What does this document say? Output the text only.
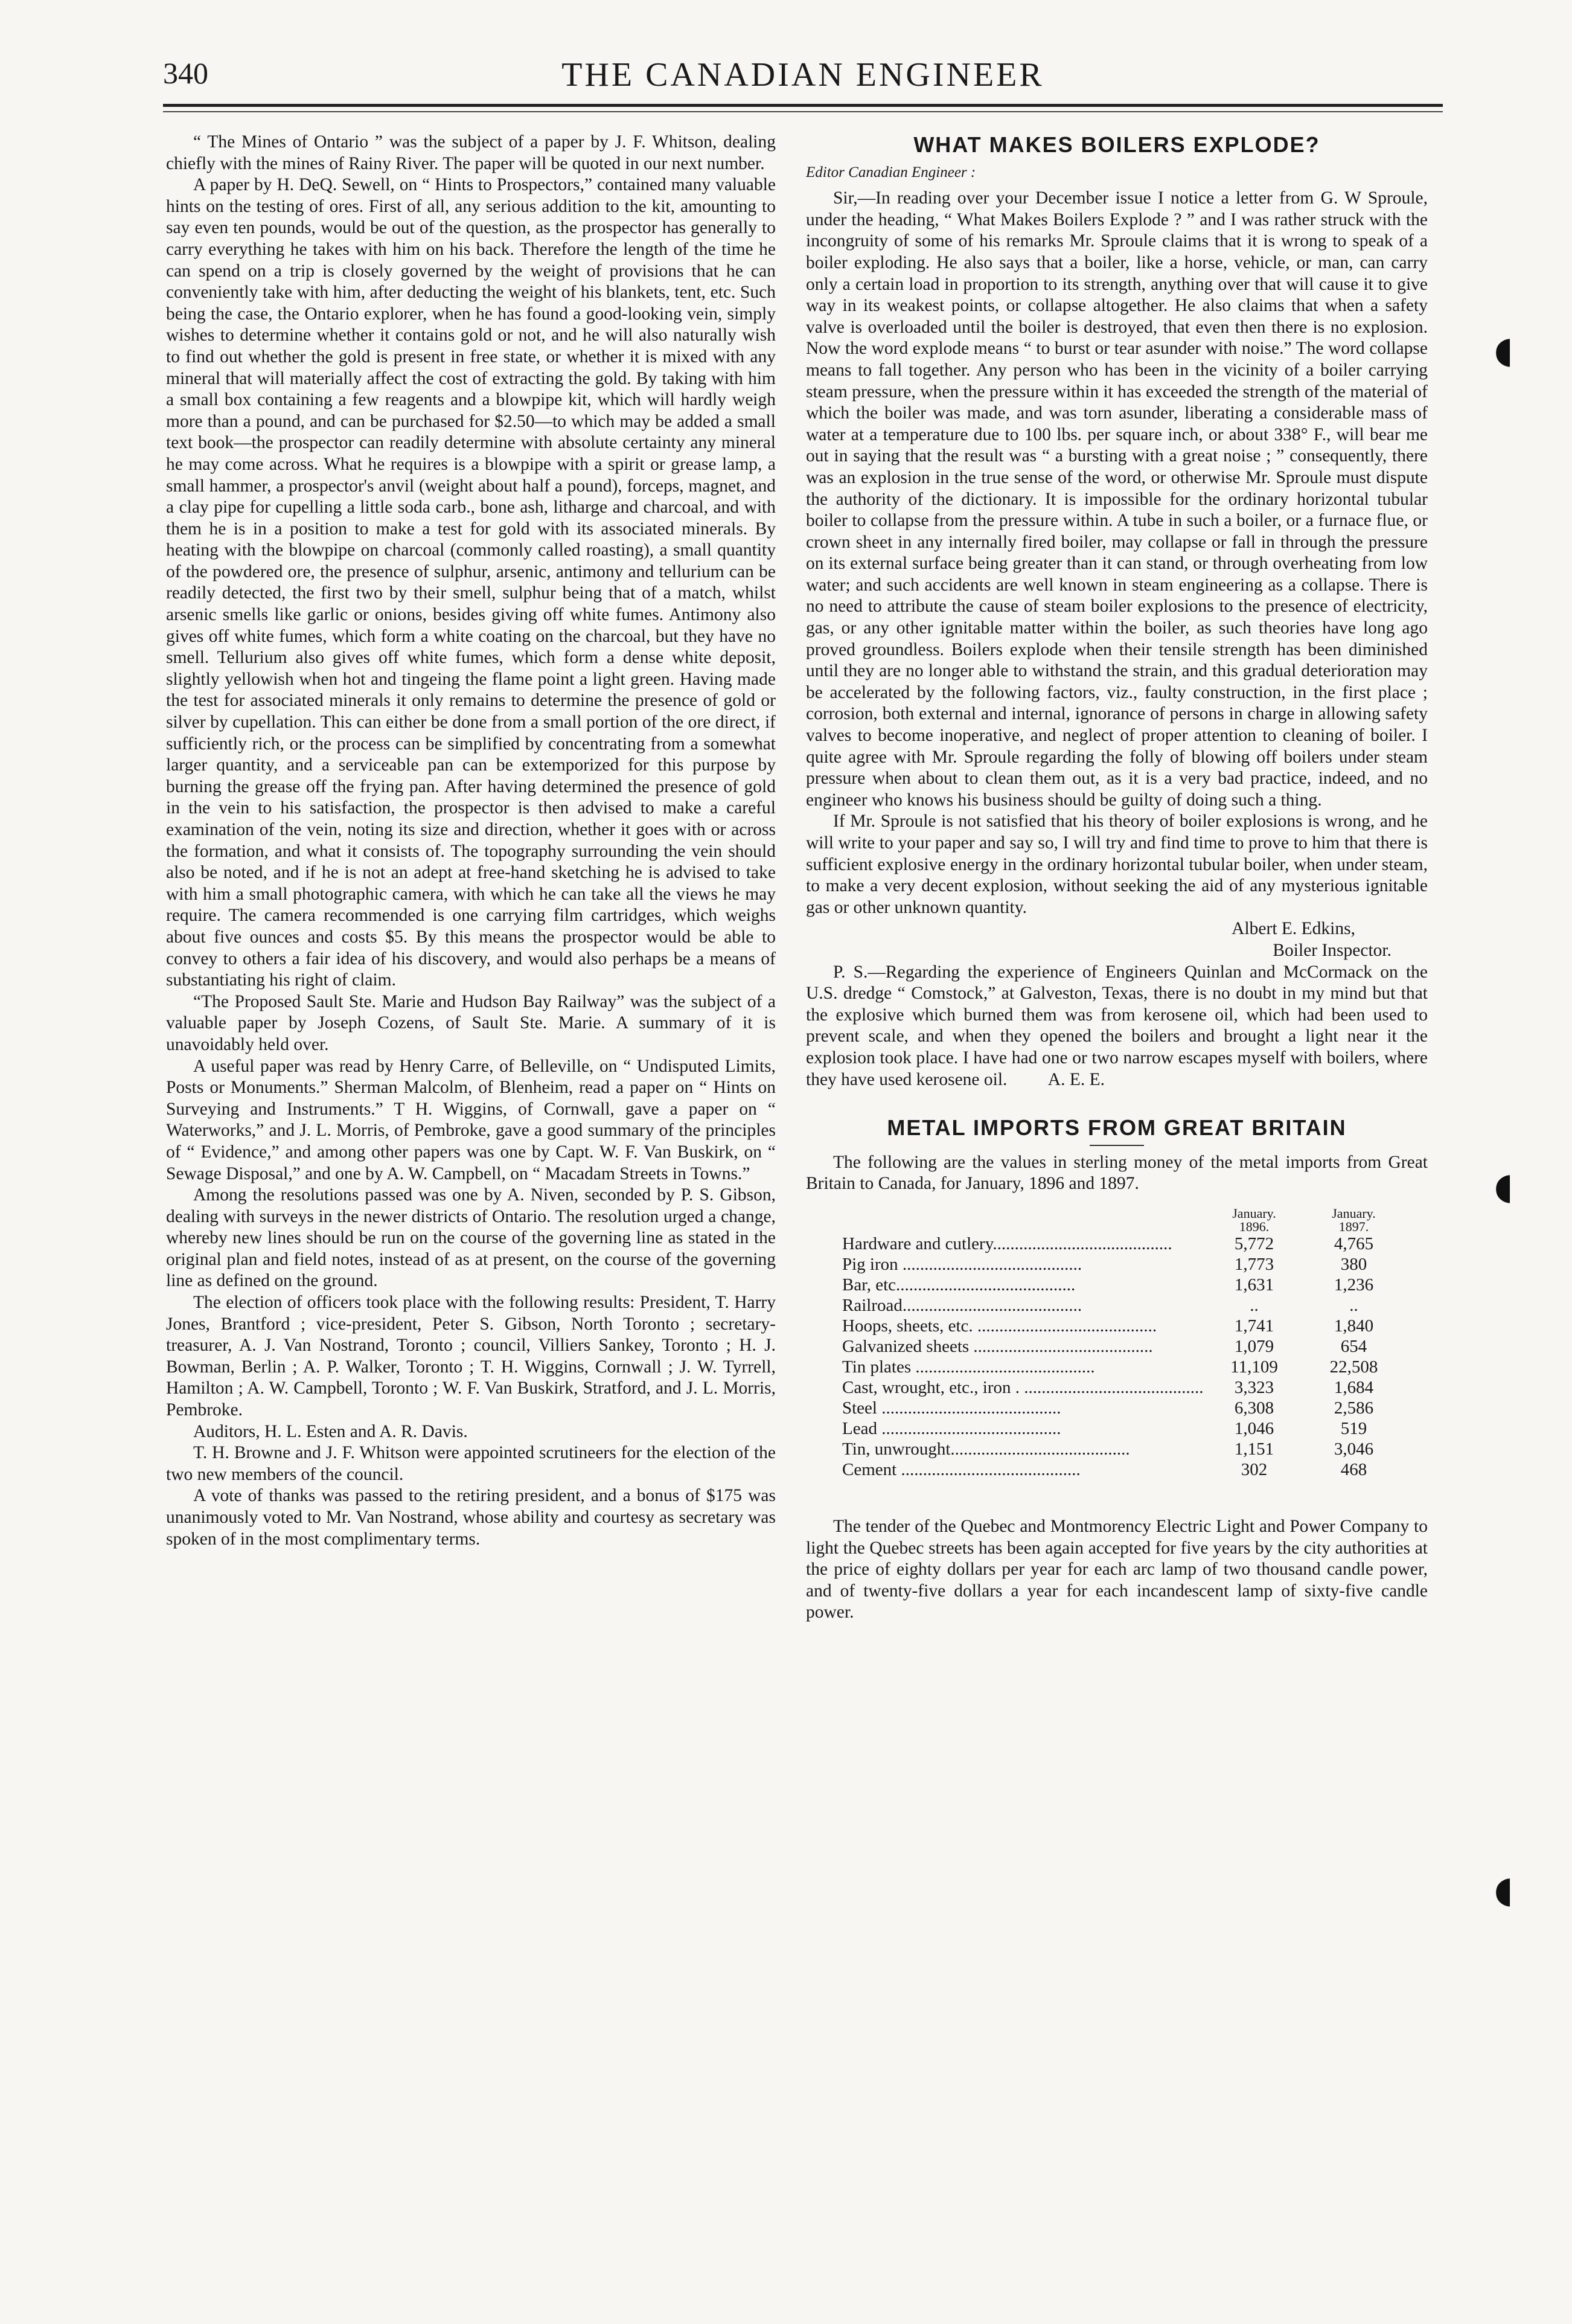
340	THE CANADIAN ENGINEER

“ The Mines of Ontario ” was the subject of a paper by J. F. Whitson, dealing chiefly with the mines of Rainy River. The paper will be quoted in our next number.

A paper by H. DeQ. Sewell, on “ Hints to Prospectors,” contained many valuable hints on the testing of ores. First of all, any serious addition to the kit, amounting to say even ten pounds, would be out of the question, as the prospector has generally to carry everything he takes with him on his back. Therefore the length of the time he can spend on a trip is closely governed by the weight of provisions that he can conveniently take with him, after deducting the weight of his blankets, tent, etc. Such being the case, the Ontario explorer, when he has found a good-looking vein, simply wishes to determine whether it contains gold or not, and he will also naturally wish to find out whether the gold is present in free state, or whether it is mixed with any mineral that will materially affect the cost of extracting the gold. By taking with him a small box containing a few reagents and a blowpipe kit, which will hardly weigh more than a pound, and can be purchased for $2.50—to which may be added a small text book—the prospector can readily determine with absolute certainty any mineral he may come across. What he requires is a blowpipe with a spirit or grease lamp, a small hammer, a prospector's anvil (weight about half a pound), forceps, magnet, and a clay pipe for cupelling a little soda carb., bone ash, litharge and charcoal, and with them he is in a position to make a test for gold with its associated minerals. By heating with the blowpipe on charcoal (commonly called roasting), a small quantity of the powdered ore, the presence of sulphur, arsenic, antimony and tellurium can be readily detected, the first two by their smell, sulphur being that of a match, whilst arsenic smells like garlic or onions, besides giving off white fumes. Antimony also gives off white fumes, which form a white coating on the charcoal, but they have no smell. Tellurium also gives off white fumes, which form a dense white deposit, slightly yellowish when hot and tingeing the flame point a light green. Having made the test for associated minerals it only remains to determine the presence of gold or silver by cupellation. This can either be done from a small portion of the ore direct, if sufficiently rich, or the process can be simplified by concentrating from a somewhat larger quantity, and a serviceable pan can be extemporized for this purpose by burning the grease off the frying pan. After having determined the presence of gold in the vein to his satisfaction, the prospector is then advised to make a careful examination of the vein, noting its size and direction, whether it goes with or across the formation, and what it consists of. The topography surrounding the vein should also be noted, and if he is not an adept at free-hand sketching he is advised to take with him a small photographic camera, with which he can take all the views he may require. The camera recommended is one carrying film cartridges, which weighs about five ounces and costs $5. By this means the prospector would be able to convey to others a fair idea of his discovery, and would also perhaps be a means of substantiating his right of claim.

“The Proposed Sault Ste. Marie and Hudson Bay Railway” was the subject of a valuable paper by Joseph Cozens, of Sault Ste. Marie. A summary of it is unavoidably held over.

A useful paper was read by Henry Carre, of Belleville, on “ Undisputed Limits, Posts or Monuments.” Sherman Malcolm, of Blenheim, read a paper on “ Hints on Surveying and Instruments.” T H. Wiggins, of Cornwall, gave a paper on “ Waterworks,” and J. L. Morris, of Pembroke, gave a good summary of the principles of “ Evidence,” and among other papers was one by Capt. W. F. Van Buskirk, on “ Sewage Disposal,” and one by A. W. Campbell, on “ Macadam Streets in Towns.”

Among the resolutions passed was one by A. Niven, seconded by P. S. Gibson, dealing with surveys in the newer districts of Ontario. The resolution urged a change, whereby new lines should be run on the course of the governing line as stated in the original plan and field notes, instead of as at present, on the course of the governing line as defined on the ground.

The election of officers took place with the following results: President, T. Harry Jones, Brantford ; vice-president, Peter S. Gibson, North Toronto ; secretary-treasurer, A. J. Van Nostrand, Toronto ; council, Villiers Sankey, Toronto ; H. J. Bowman, Berlin ; A. P. Walker, Toronto ; T. H. Wiggins, Cornwall ; J. W. Tyrrell, Hamilton ; A. W. Campbell, Toronto ; W. F. Van Buskirk, Stratford, and J. L. Morris, Pembroke.

Auditors, H. L. Esten and A. R. Davis.

T. H. Browne and J. F. Whitson were appointed scrutineers for the election of the two new members of the council.

A vote of thanks was passed to the retiring president, and a bonus of $175 was unanimously voted to Mr. Van Nostrand, whose ability and courtesy as secretary was spoken of in the most complimentary terms.

WHAT MAKES BOILERS EXPLODE?
Editor Canadian Engineer :

Sir,—In reading over your December issue I notice a letter from G. W Sproule, under the heading, “ What Makes Boilers Explode ? ” and I was rather struck with the incongruity of some of his remarks Mr. Sproule claims that it is wrong to speak of a boiler exploding. He also says that a boiler, like a horse, vehicle, or man, can carry only a certain load in proportion to its strength, anything over that will cause it to give way in its weakest points, or collapse altogether. He also claims that when a safety valve is overloaded until the boiler is destroyed, that even then there is no explosion. Now the word explode means “ to burst or tear asunder with noise.” The word collapse means to fall together. Any person who has been in the vicinity of a boiler carrying steam pressure, when the pressure within it has exceeded the strength of the material of which the boiler was made, and was torn asunder, liberating a considerable mass of water at a temperature due to 100 lbs. per square inch, or about 338° F., will bear me out in saying that the result was “ a bursting with a great noise ; ” consequently, there was an explosion in the true sense of the word, or otherwise Mr. Sproule must dispute the authority of the dictionary. It is impossible for the ordinary horizontal tubular boiler to collapse from the pressure within. A tube in such a boiler, or a furnace flue, or crown sheet in any internally fired boiler, may collapse or fall in through the pressure on its external surface being greater than it can stand, or through overheating from low water; and such accidents are well known in steam engineering as a collapse. There is no need to attribute the cause of steam boiler explosions to the presence of electricity, gas, or any other ignitable matter within the boiler, as such theories have long ago proved groundless. Boilers explode when their tensile strength has been diminished until they are no longer able to withstand the strain, and this gradual deterioration may be accelerated by the following factors, viz., faulty construction, in the first place ; corrosion, both external and internal, ignorance of persons in charge in allowing safety valves to become inoperative, and neglect of proper attention to cleaning of boiler. I quite agree with Mr. Sproule regarding the folly of blowing off boilers under steam pressure when about to clean them out, as it is a very bad practice, indeed, and no engineer who knows his business should be guilty of doing such a thing.

If Mr. Sproule is not satisfied that his theory of boiler explosions is wrong, and he will write to your paper and say so, I will try and find time to prove to him that there is sufficient explosive energy in the ordinary horizontal tubular boiler, when under steam, to make a very decent explosion, without seeking the aid of any mysterious ignitable gas or other unknown quantity.

Albert E. Edkins,

Boiler Inspector.

P. S.—Regarding the experience of Engineers Quinlan and McCormack on the U.S. dredge “ Comstock,” at Galveston, Texas, there is no doubt in my mind but that the explosive which burned them was from kerosene oil, which had been used to prevent scale, and when they opened the boilers and brought a light near it the explosion took place. I have had one or two narrow escapes myself with boilers, where they have used kerosene oil. A. E. E.

METAL IMPORTS FROM GREAT BRITAIN

The following are the values in sterling money of the metal imports from Great Britain to Canada, for January, 1896 and 1897.

January.
1896.
January.
1897.
Hardware and cutlery.........................................	5,772	4,765
Pig iron .........................................	1,773	380
Bar, etc.........................................	1,631	1,236
Railroad.........................................	..	..
Hoops, sheets, etc. .........................................	1,741	1,840
Galvanized sheets .........................................	1,079	654
Tin plates .........................................	11,109	22,508
Cast, wrought, etc., iron . .........................................	3,323	1,684
Steel .........................................	6,308	2,586
Lead .........................................	1,046	519
Tin, unwrought.........................................	1,151	3,046
Cement .........................................	302	468

The tender of the Quebec and Montmorency Electric Light and Power Company to light the Quebec streets has been again accepted for five years by the city authorities at the price of eighty dollars per year for each arc lamp of two thousand candle power, and of twenty-five dollars a year for each incandescent lamp of sixty-five candle power.

◖
◖
◖
